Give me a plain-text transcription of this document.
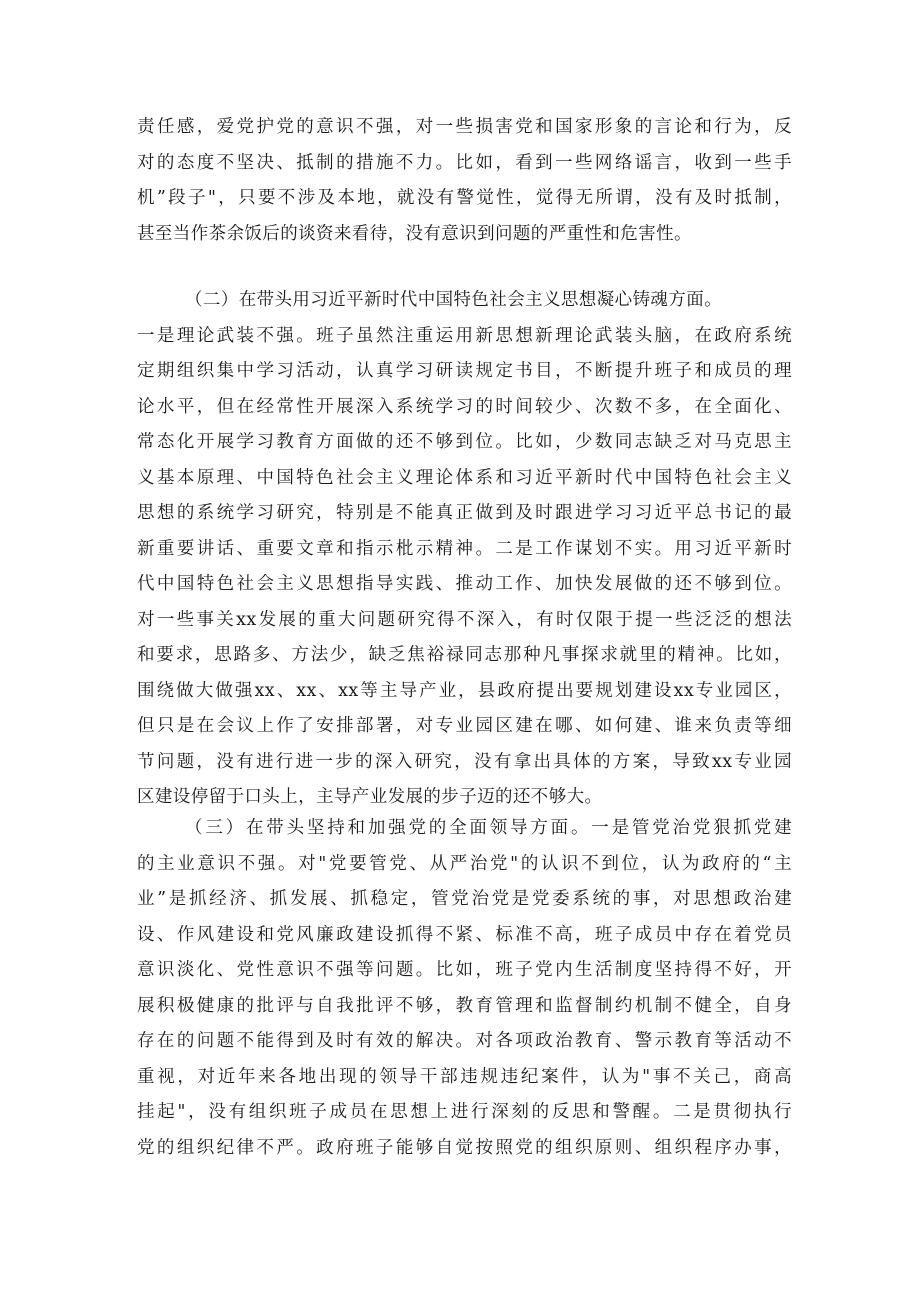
责任感，爱党护党的意识不强，对一些损害党和国家形象的言论和行为，反
对的态度不坚决、抵制的措施不力。比如，看到一些网络谣言，收到一些手
机”段子"，只要不涉及本地，就没有警觉性，觉得无所谓，没有及时抵制，
甚至当作茶余饭后的谈资来看待，没有意识到问题的严重性和危害性。
（二）在带头用习近平新时代中国特色社会主义思想凝心铸魂方面。
一是理论武装不强。班子虽然注重运用新思想新理论武装头脑，在政府系统
定期组织集中学习活动，认真学习研读规定书目，不断提升班子和成员的理
论水平，但在经常性开展深入系统学习的时间较少、次数不多，在全面化、
常态化开展学习教育方面做的还不够到位。比如，少数同志缺乏对马克思主
义基本原理、中国特色社会主义理论体系和习近平新时代中国特色社会主义
思想的系统学习研究，特别是不能真正做到及时跟进学习习近平总书记的最
新重要讲话、重要文章和指示枇示精神。二是工作谋划不实。用习近平新时
代中国特色社会主义思想指导实践、推动工作、加快发展做的还不够到位。
对一些事关xx发展的重大问题研究得不深入，有时仅限于提一些泛泛的想法
和要求，思路多、方法少，缺乏焦裕禄同志那种凡事探求就里的精神。比如，
围绕做大做强xx、xx、xx等主导产业，县政府提出要规划建设xx专业园区，
但只是在会议上作了安排部署，对专业园区建在哪、如何建、谁来负责等细
节问题，没有进行进一步的深入研究，没有拿出具体的方案，导致xx专业园
区建设停留于口头上，主导产业发展的步子迈的还不够大。
（三）在带头坚持和加强党的全面领导方面。一是管党治党狠抓党建
的主业意识不强。对"党要管党、从严治党"的认识不到位，认为政府的“主
业”是抓经济、抓发展、抓稳定，管党治党是党委系统的事，对思想政治建
设、作风建设和党风廉政建设抓得不紧、标准不高，班子成员中存在着党员
意识淡化、党性意识不强等问题。比如，班子党内生活制度坚持得不好，开
展积极健康的批评与自我批评不够，教育管理和监督制约机制不健全，自身
存在的问题不能得到及时有效的解决。对各项政治教育、警示教育等活动不
重视，对近年来各地出现的领导干部违规违纪案件，认为"事不关己，商高
挂起"，没有组织班子成员在思想上进行深刻的反思和警醒。二是贯彻执行
党的组织纪律不严。政府班子能够自觉按照党的组织原则、组织程序办事，
